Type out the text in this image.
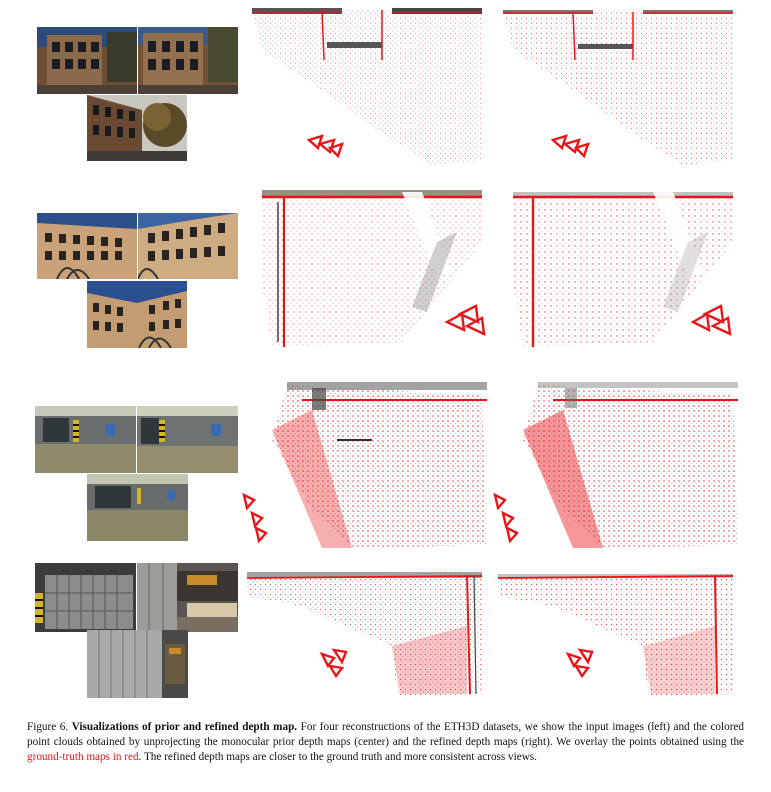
Figure 6. Visualizations of prior and refined depth map. For four reconstructions of the ETH3D datasets, we show the input images (left) and the colored point clouds obtained by unprojecting the monocular prior depth maps (center) and the refined depth maps (right). We overlay the points obtained using the ground-truth maps in red. The refined depth maps are closer to the ground truth and more consistent across views.
